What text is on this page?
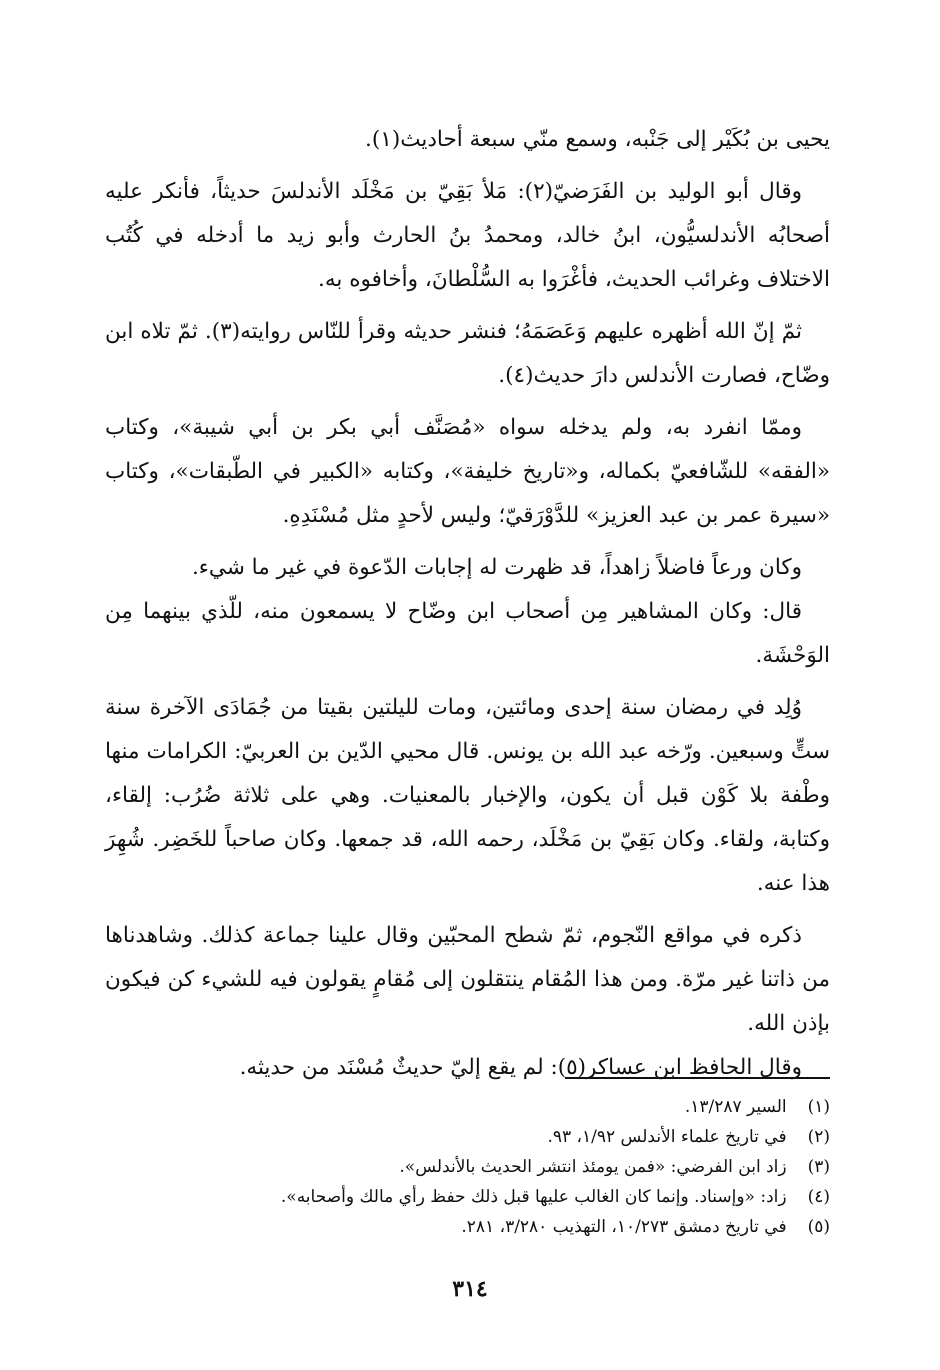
يحيى بن بُكَيْر إلى جَنْبه، وسمع منّي سبعة أحاديث(١).

وقال أبو الوليد بن الفَرَضيّ(٢): مَلأ بَقِيّ بن مَخْلَد الأندلسَ حديثاً، فأنكر عليه أصحابُه الأندلسيُّون، ابنُ خالد، ومحمدُ بنُ الحارث وأبو زيد ما أدخله في كُتُب الاختلاف وغرائب الحديث، فأغْرَوا به السُّلْطانَ، وأخافوه به.

ثمّ إنّ الله أظهره عليهم وَعَصَمَهُ؛ فنشر حديثه وقرأ للنّاس روايته(٣). ثمّ تلاه ابن وضّاح، فصارت الأندلس دارَ حديث(٤).

وممّا انفرد به، ولم يدخله سواه «مُصَنَّف أبي بكر بن أبي شيبة»، وكتاب «الفقه» للشّافعيّ بكماله، و«تاريخ خليفة»، وكتابه «الكبير في الطّبقات»، وكتاب «سيرة عمر بن عبد العزيز» للدَّوْرَقيّ؛ وليس لأحدٍ مثل مُسْنَدِهِ.

وكان ورعاً فاضلاً زاهداً، قد ظهرت له إجابات الدّعوة في غير ما شيء.

قال: وكان المشاهير مِن أصحاب ابن وضّاح لا يسمعون منه، للّذي بينهما مِن الوَحْشَة.

وُلِد في رمضان سنة إحدى ومائتين، ومات لليلتين بقيتا من جُمَادَى الآخرة سنة ستٍّ وسبعين. ورّخه عبد الله بن يونس. قال محيي الدّين بن العربيّ: الكرامات منها وطْفة بلا كَوْن قبل أن يكون، والإخبار بالمعنيات. وهي على ثلاثة ضُرُب: إلقاء، وكتابة، ولقاء. وكان بَقِيّ بن مَخْلَد، رحمه الله، قد جمعها. وكان صاحباً للخَضِر. شُهِرَ هذا عنه.

ذكره في مواقع النّجوم، ثمّ شطح المحبّين وقال علينا جماعة كذلك. وشاهدناها من ذاتنا غير مرّة. ومن هذا المُقام ينتقلون إلى مُقامٍ يقولون فيه للشيء كن فيكون بإذن الله.

وقال الحافظ ابن عساكر(٥): لم يقع إليّ حديثٌ مُسْنَد من حديثه.

(١) السير ١٣/٢٨٧.

(٢) في تاريخ علماء الأندلس ١/٩٢، ٩٣.

(٣) زاد ابن الفرضي: «فمن يومئذ انتشر الحديث بالأندلس».

(٤) زاد: «وإسناد. وإنما كان الغالب عليها قبل ذلك حفظ رأي مالك وأصحابه».

(٥) في تاريخ دمشق ١٠/٢٧٣، التهذيب ٣/٢٨٠، ٢٨١.

٣١٤
